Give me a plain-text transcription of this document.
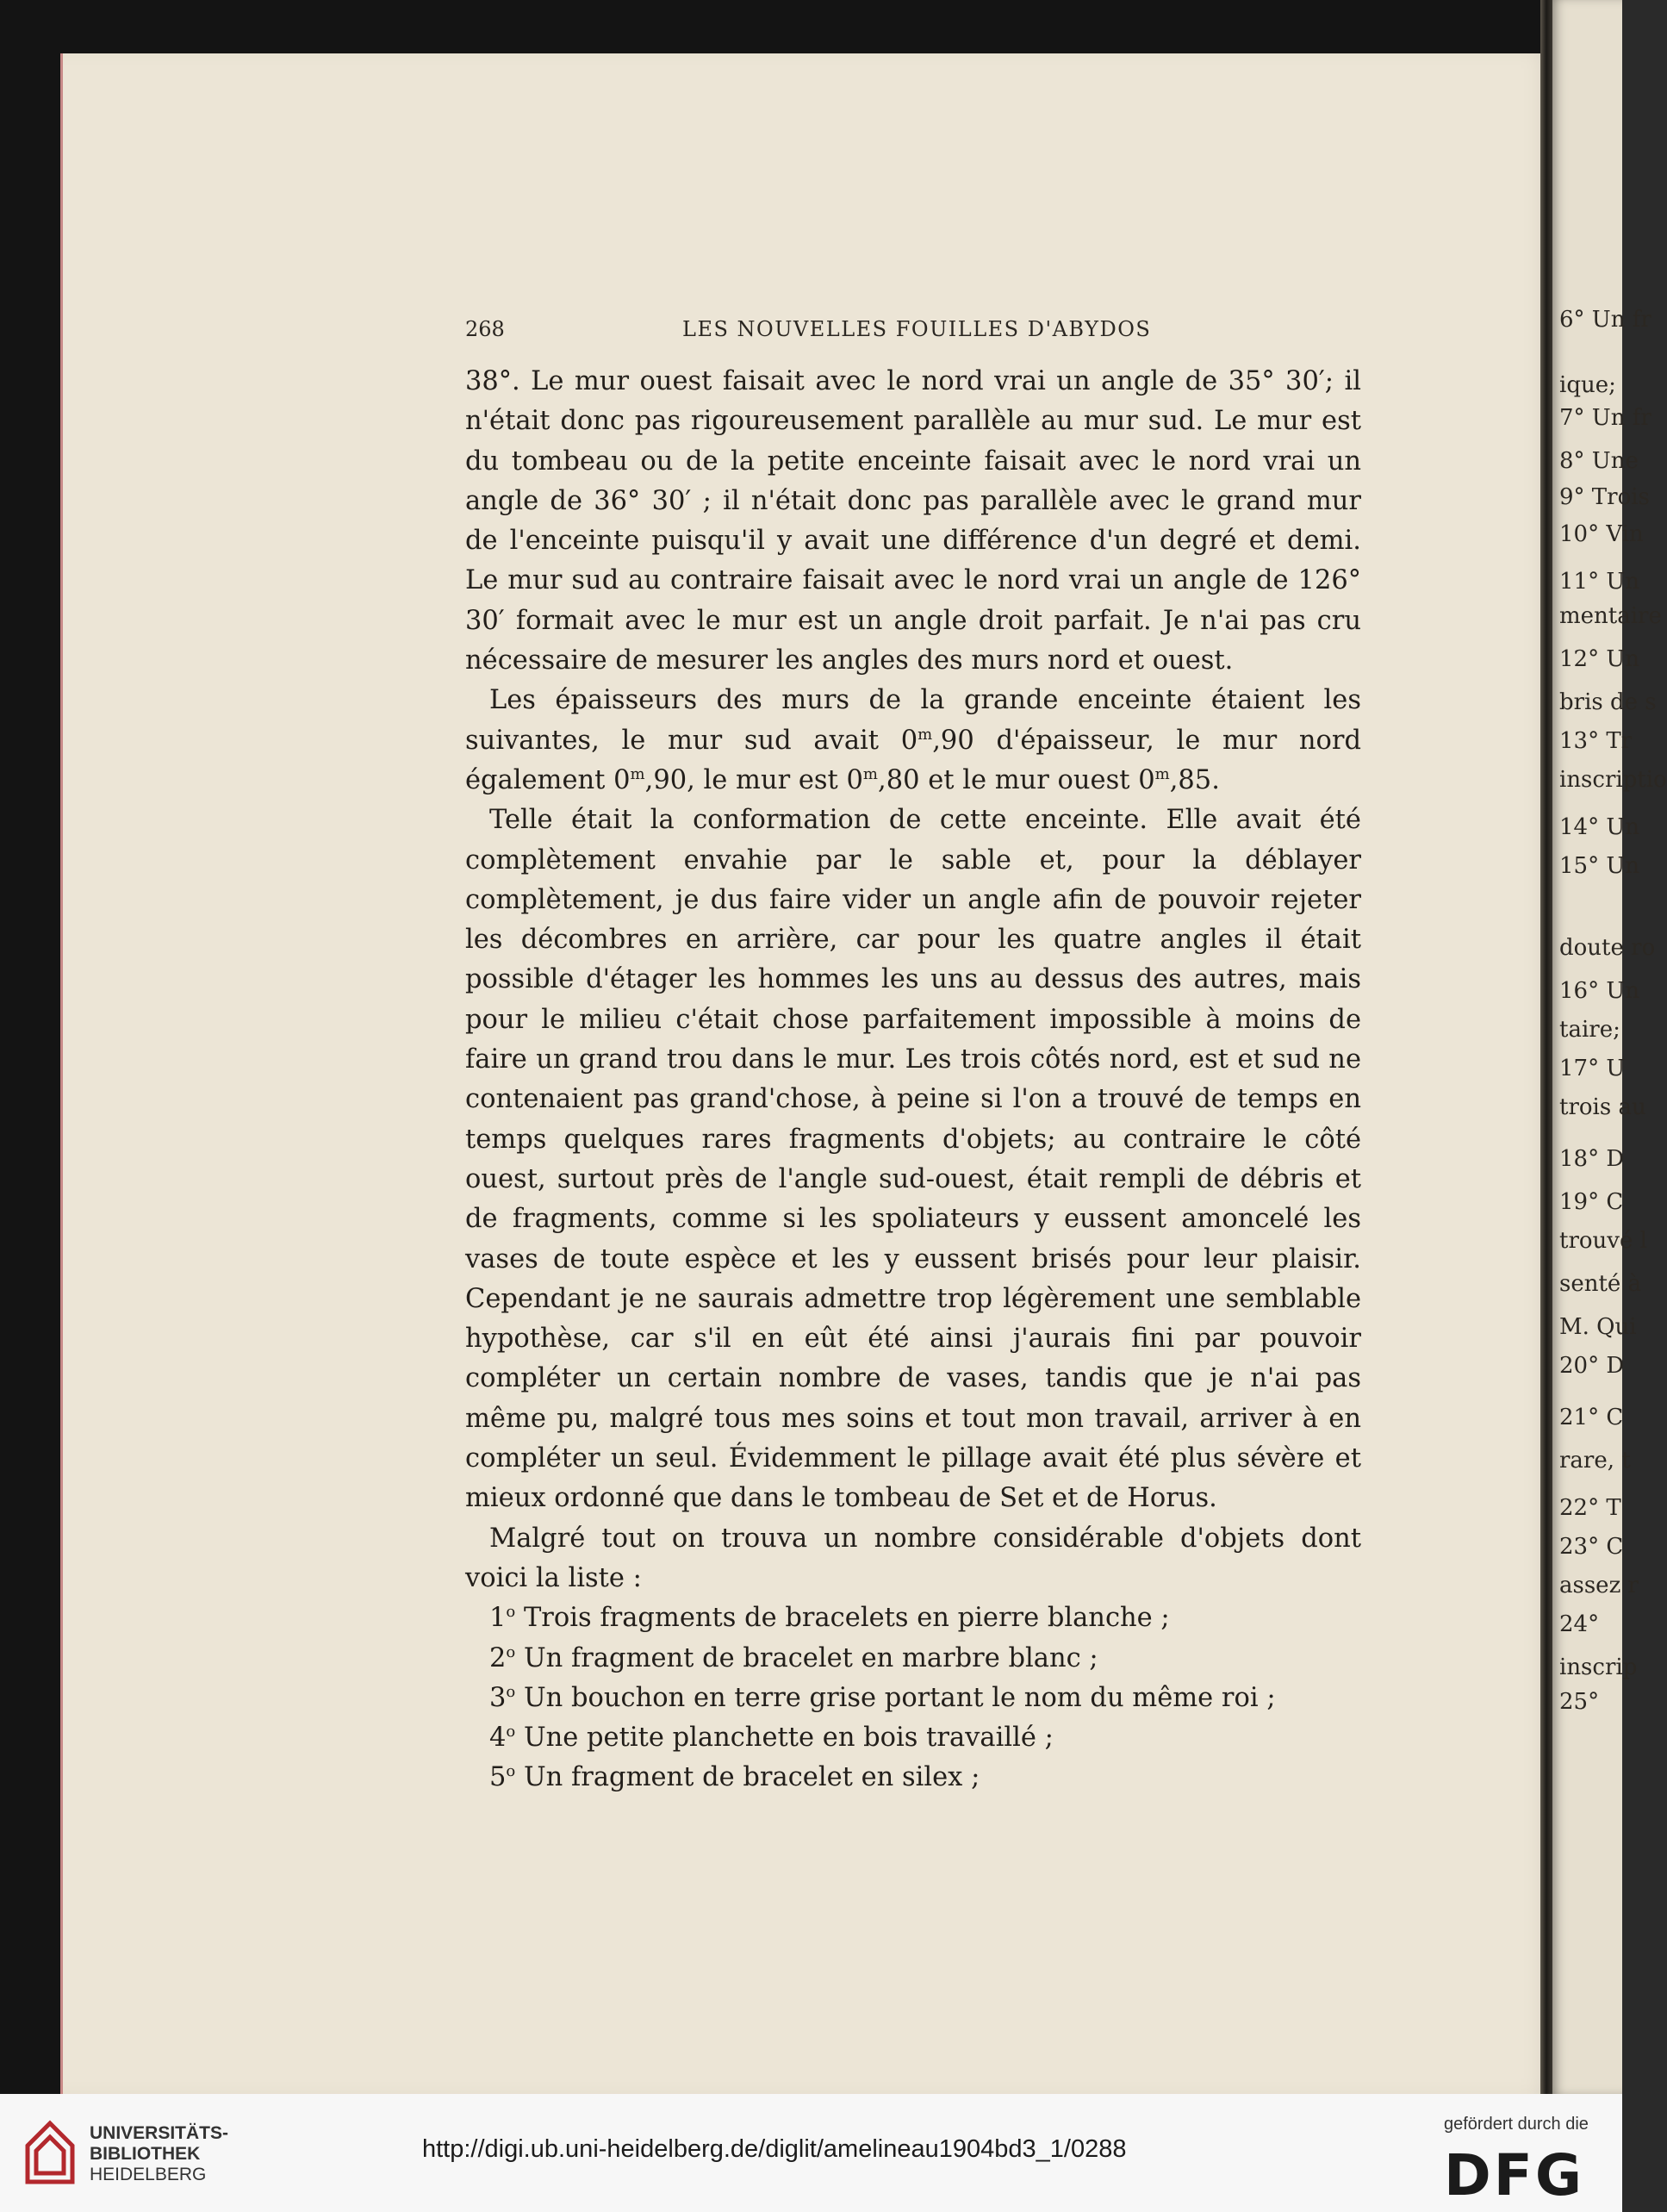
6° Un fr
ique;
7° Un fr
8° Une
9° Trois
10° Vin
11° Un
mentaire
12° Un
bris de s
13° Tr
inscriptio
14° Un
15° Un
doute ro
16° Un
taire;
17° U
trois au
18° D
19° C
trouvé l
senté à
M. Qui
20° D
21° C
rare, t
22° T
23° C
assez r
24°
inscrip
25°
268	LES NOUVELLES FOUILLES D'ABYDOS

38°. Le mur ouest faisait avec le nord vrai un angle de 35° 30′; il n'était donc pas rigoureusement parallèle au mur sud. Le mur est du tombeau ou de la petite enceinte faisait avec le nord vrai un angle de 36° 30′ ; il n'était donc pas parallèle avec le grand mur de l'enceinte puisqu'il y avait une différence d'un degré et demi. Le mur sud au contraire faisait avec le nord vrai un angle de 126° 30′ formait avec le mur est un angle droit parfait. Je n'ai pas cru nécessaire de mesurer les angles des murs nord et ouest.

Les épaisseurs des murs de la grande enceinte étaient les suivantes, le mur sud avait 0$^m$,90 d'épaisseur, le mur nord également 0$^m$,90, le mur est 0$^m$,80 et le mur ouest 0$^m$,85.

Telle était la conformation de cette enceinte. Elle avait été complètement envahie par le sable et, pour la déblayer complètement, je dus faire vider un angle afin de pouvoir rejeter les décombres en arrière, car pour les quatre angles il était possible d'étager les hommes les uns au dessus des autres, mais pour le milieu c'était chose parfaitement impossible à moins de faire un grand trou dans le mur. Les trois côtés nord, est et sud ne contenaient pas grand'chose, à peine si l'on a trouvé de temps en temps quelques rares fragments d'objets; au contraire le côté ouest, surtout près de l'angle sud-ouest, était rempli de débris et de fragments, comme si les spoliateurs y eussent amoncelé les vases de toute espèce et les y eussent brisés pour leur plaisir. Cependant je ne saurais admettre trop légèrement une semblable hypothèse, car s'il en eût été ainsi j'aurais fini par pouvoir compléter un certain nombre de vases, tandis que je n'ai pas même pu, malgré tous mes soins et tout mon travail, arriver à en compléter un seul. Évidemment le pillage avait été plus sévère et mieux ordonné que dans le tombeau de Set et de Horus.

Malgré tout on trouva un nombre considérable d'objets dont voici la liste :

1$^o$ Trois fragments de bracelets en pierre blanche ;

2$^o$ Un fragment de bracelet en marbre blanc ;

3$^o$ Un bouchon en terre grise portant le nom du même roi ;

4$^o$ Une petite planchette en bois travaillé ;

5$^o$ Un fragment de bracelet en silex ;

UNIVERSITÄTS-
BIBLIOTHEK
HEIDELBERG
http://digi.ub.uni-heidelberg.de/diglit/amelineau1904bd3_1/0288
gefördert durch die
DFG
